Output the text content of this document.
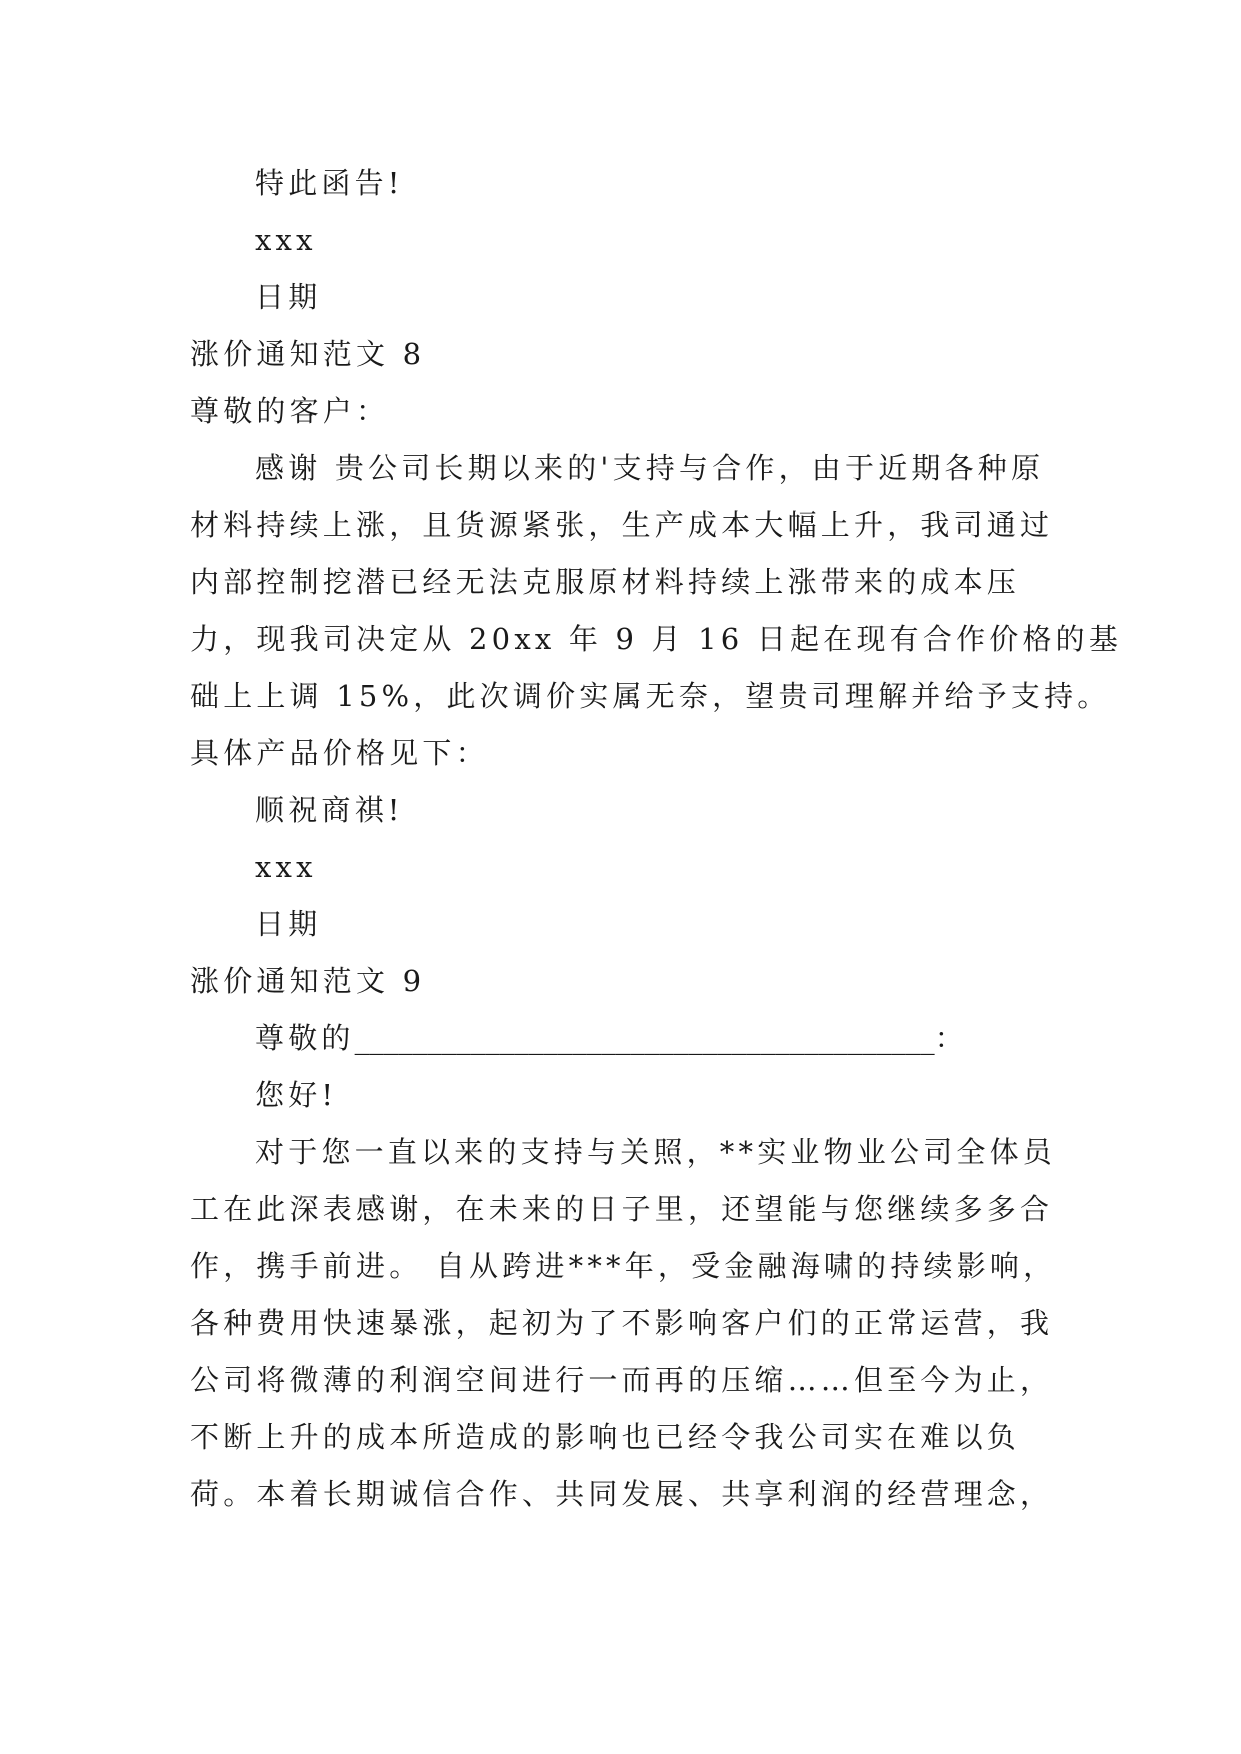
特此函告!
xxx
日期
涨价通知范文 8
尊敬的客户：
感谢 贵公司长期以来的'支持与合作，由于近期各种原
材料持续上涨，且货源紧张，生产成本大幅上升，我司通过
内部控制挖潜已经无法克服原材料持续上涨带来的成本压
力，现我司决定从 20xx 年 9 月 16 日起在现有合作价格的基
础上上调 15%，此次调价实属无奈，望贵司理解并给予支持。
具体产品价格见下：
顺祝商祺!
xxx
日期
涨价通知范文 9
尊敬的________________________________________：
您好!
对于您一直以来的支持与关照，**实业物业公司全体员
工在此深表感谢，在未来的日子里，还望能与您继续多多合
作，携手前进。 自从跨进***年，受金融海啸的持续影响，
各种费用快速暴涨，起初为了不影响客户们的正常运营，我
公司将微薄的利润空间进行一而再的压缩……但至今为止，
不断上升的成本所造成的影响也已经令我公司实在难以负
荷。本着长期诚信合作、共同发展、共享利润的经营理念，
